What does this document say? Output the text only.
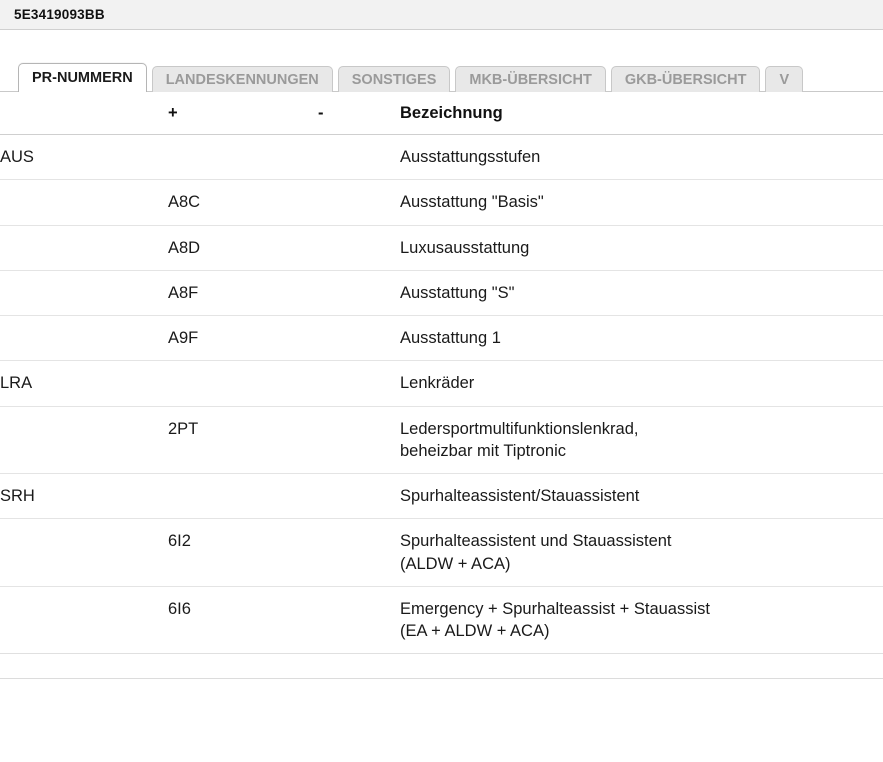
5E3419093BB
PR-NUMMERN LANDESKENNUNGEN SONSTIGES MKB-ÜBERSICHT GKB-ÜBERSICHT V
	+	-	Bezeichnung
AUS			Ausstattungsstufen

	A8C		Ausstattung "Basis"

	A8D		Luxusausstattung

	A8F		Ausstattung "S"

	A9F		Ausstattung 1

LRA			Lenkräder

	2PT		Ledersportmultifunktionslenkrad,
beheizbar mit Tiptronic

SRH			Spurhalteassistent/Stauassistent

	6I2		Spurhalteassistent und Stauassistent
(ALDW + ACA)

	6I6		Emergency + Spurhalteassist + Stauassist
(EA + ALDW + ACA)
